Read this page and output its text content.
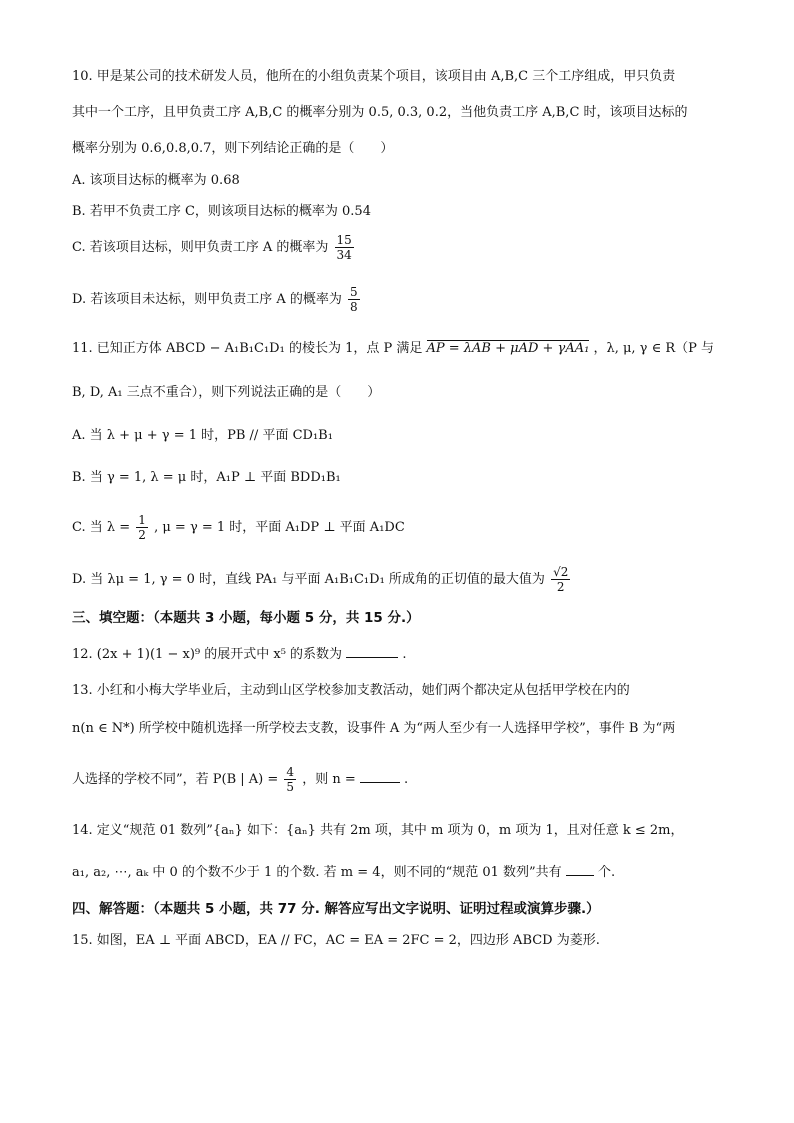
10. 甲是某公司的技术研发人员，他所在的小组负责某个项目，该项目由 A,B,C 三个工序组成，甲只负责
其中一个工序，且甲负责工序 A,B,C 的概率分别为 0.5, 0.3, 0.2，当他负责工序 A,B,C 时，该项目达标的
概率分别为 0.6,0.8,0.7，则下列结论正确的是（　　）
A. 该项目达标的概率为 0.68
B. 若甲不负责工序 C，则该项目达标的概率为 0.54
C. 若该项目达标，则甲负责工序 A 的概率为 $\frac{15}{34}$
D. 若该项目未达标，则甲负责工序 A 的概率为 $\frac{5}{8}$
11. 已知正方体 ABCD − A₁B₁C₁D₁ 的棱长为 1，点 P 满足 AP = λAB + μAD + γAA₁ ，λ, μ, γ ∈ R（P 与
B, D, A₁ 三点不重合），则下列说法正确的是（　　）
A. 当 λ + μ + γ = 1 时，PB // 平面 CD₁B₁
B. 当 γ = 1, λ = μ 时，A₁P ⊥ 平面 BDD₁B₁
C. 当 $\lambda = \frac{1}{2}$ , μ = γ = 1 时，平面 A₁DP ⊥ 平面 A₁DC
D. 当 λμ = 1, γ = 0 时，直线 PA₁ 与平面 A₁B₁C₁D₁ 所成角的正切值的最大值为 $\frac{√2}{2}$
三、填空题：（本题共 3 小题，每小题 5 分，共 15 分.）
12. (2x + 1)(1 − x)⁹ 的展开式中 x⁵ 的系数为	.
13. 小红和小梅大学毕业后，主动到山区学校参加支教活动，她们两个都决定从包括甲学校在内的
n(n ∈ N*) 所学校中随机选择一所学校去支教，设事件 A 为“两人至少有一人选择甲学校”，事件 B 为“两
人选择的学校不同”，若 P(B | $A) = \frac{4}{5}$ ，则 n =	.
14. 定义“规范 01 数列”{aₙ} 如下：{aₙ} 共有 2m 项，其中 m 项为 0，m 项为 1，且对任意 k ≤ 2m，
a₁, a₂, ⋯, aₖ 中 0 的个数不少于 1 的个数. 若 m = 4，则不同的“规范 01 数列”共有	个.
四、解答题：（本题共 5 小题，共 77 分. 解答应写出文字说明、证明过程或演算步骤.）
15. 如图，EA ⊥ 平面 ABCD，EA // FC，AC = EA = 2FC = 2，四边形 ABCD 为菱形.
